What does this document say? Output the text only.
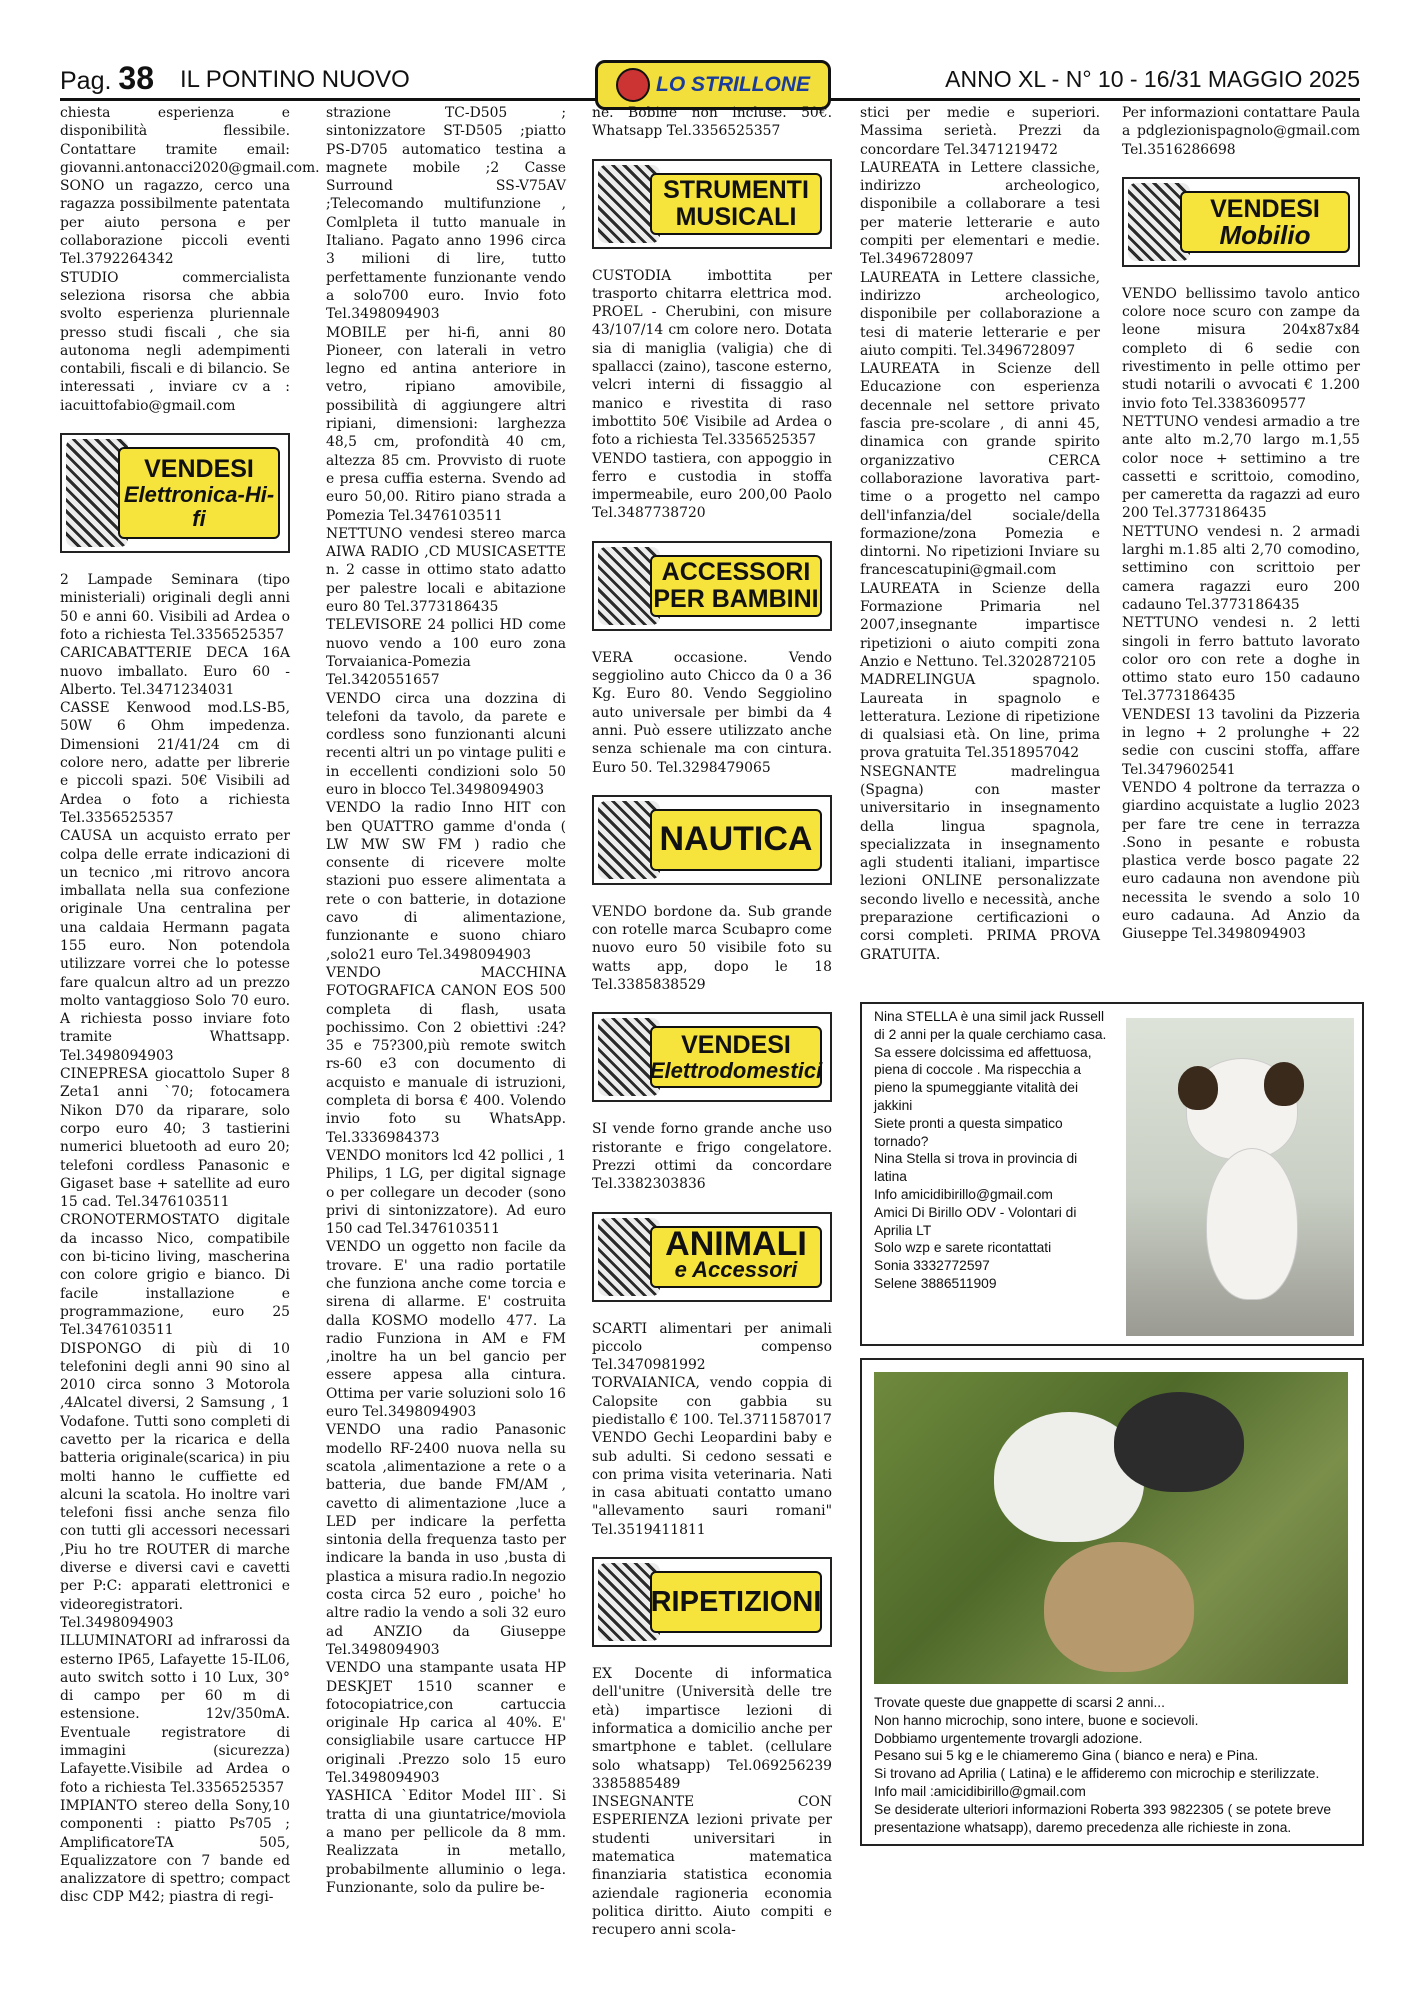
Pag. 38 IL PONTINO NUOVO	ANNO XL - N° 10 - 16/31 MAGGIO 2025
LO STRILLONE

chiesta esperienza e disponibilità flessibile. Contattare tramite email: giovanni.antonacci2020@gmail.com.

SONO un ragazzo, cerco una ragazza possibilmente patentata per aiuto persona e per collaborazione piccoli eventi Tel.3792264342

STUDIO commercialista seleziona risorsa che abbia svolto esperienza pluriennale presso studi fiscali , che sia autonoma negli adempimenti contabili, fiscali e di bilancio. Se interessati , inviare cv a : iacuittofabio@gmail.com

VENDESI
Elettronica-Hi-fi

2 Lampade Seminara (tipo ministeriali) originali degli anni 50 e anni 60. Visibili ad Ardea o foto a richiesta Tel.3356525357

CARICABATTERIE DECA 16A nuovo imballato. Euro 60 - Alberto. Tel.3471234031

CASSE Kenwood mod.LS-B5, 50W 6 Ohm impedenza. Dimensioni 21/41/24 cm di colore nero, adatte per librerie e piccoli spazi. 50€ Visibili ad Ardea o foto a richiesta Tel.3356525357

CAUSA un acquisto errato per colpa delle errate indicazioni di un tecnico ,mi ritrovo ancora imballata nella sua confezione originale Una centralina per una caldaia Hermann pagata 155 euro. Non potendola utilizzare vorrei che lo potesse fare qualcun altro ad un prezzo molto vantaggioso Solo 70 euro. A richiesta posso inviare foto tramite Whattsapp. Tel.3498094903

CINEPRESA giocattolo Super 8 Zeta1 anni `70; fotocamera Nikon D70 da riparare, solo corpo euro 40; 3 tastierini numerici bluetooth ad euro 20; telefoni cordless Panasonic e Gigaset base + satellite ad euro 15 cad. Tel.3476103511

CRONOTERMOSTATO digitale da incasso Nico, compatibile con bi-ticino living, mascherina con colore grigio e bianco. Di facile installazione e programmazione, euro 25 Tel.3476103511

DISPONGO di più di 10 telefonini degli anni 90 sino al 2010 circa sonno 3 Motorola ,4Alcatel diversi, 2 Samsung , 1 Vodafone. Tutti sono completi di cavetto per la ricarica e della batteria originale(scarica) in piu molti hanno le cuffiette ed alcuni la scatola. Ho inoltre vari telefoni fissi anche senza filo con tutti gli accessori necessari ,Piu ho tre ROUTER di marche diverse e diversi cavi e cavetti per P:C: apparati elettronici e videoregistratori. Tel.3498094903

ILLUMINATORI ad infrarossi da esterno IP65, Lafayette 15-IL06, auto switch sotto i 10 Lux, 30° di campo per 60 m di estensione. 12v/350mA. Eventuale registratore di immagini (sicurezza) Lafayette.Visibile ad Ardea o foto a richiesta Tel.3356525357

IMPIANTO stereo della Sony,10 componenti : piatto Ps705 ; AmplificatoreTA 505, Equalizzatore con 7 bande ed analizzatore di spettro; compact disc CDP M42; piastra di regi-

strazione TC-D505 ; sintonizzatore ST-D505 ;piatto PS-D705 automatico testina a magnete mobile ;2 Casse Surround SS-V75AV ;Telecomando multifunzione , Comlpleta il tutto manuale in Italiano. Pagato anno 1996 circa 3 milioni di lire, tutto perfettamente funzionante vendo a solo700 euro. Invio foto Tel.3498094903

MOBILE per hi-fi, anni 80 Pioneer, con laterali in vetro legno ed antina anteriore in vetro, ripiano amovibile, possibilità di aggiungere altri ripiani, dimensioni: larghezza 48,5 cm, profondità 40 cm, altezza 85 cm. Provvisto di ruote e presa cuffia esterna. Svendo ad euro 50,00. Ritiro piano strada a Pomezia Tel.3476103511

NETTUNO vendesi stereo marca AIWA RADIO ,CD MUSICASETTE n. 2 casse in ottimo stato adatto per palestre locali e abitazione euro 80 Tel.3773186435

TELEVISORE 24 pollici HD come nuovo vendo a 100 euro zona Torvaianica-Pomezia Tel.3420551657

VENDO circa una dozzina di telefoni da tavolo, da parete e cordless sono funzionanti alcuni recenti altri un po vintage puliti e in eccellenti condizioni solo 50 euro in blocco Tel.3498094903

VENDO la radio Inno HIT con ben QUATTRO gamme d'onda ( LW MW SW FM ) radio che consente di ricevere molte stazioni puo essere alimentata a rete o con batterie, in dotazione cavo di alimentazione, funzionante e suono chiaro ,solo21 euro Tel.3498094903

VENDO MACCHINA FOTOGRAFICA CANON EOS 500 completa di flash, usata pochissimo. Con 2 obiettivi :24?35 e 75?300,più remote switch rs-60 e3 con documento di acquisto e manuale di istruzioni, completa di borsa € 400. Volendo invio foto su WhatsApp. Tel.3336984373

VENDO monitors lcd 42 pollici , 1 Philips, 1 LG, per digital signage o per collegare un decoder (sono privi di sintonizzatore). Ad euro 150 cad Tel.3476103511

VENDO un oggetto non facile da trovare. E' una radio portatile che funziona anche come torcia e sirena di allarme. E' costruita dalla KOSMO modello 477. La radio Funziona in AM e FM ,inoltre ha un bel gancio per essere appesa alla cintura. Ottima per varie soluzioni solo 16 euro Tel.3498094903

VENDO una radio Panasonic modello RF-2400 nuova nella su scatola ,alimentazione a rete o a batteria, due bande FM/AM , cavetto di alimentazione ,luce a LED per indicare la perfetta sintonia della frequenza tasto per indicare la banda in uso ,busta di plastica a misura radio.In negozio costa circa 52 euro , poiche' ho altre radio la vendo a soli 32 euro ad ANZIO da Giuseppe Tel.3498094903

VENDO una stampante usata HP DESKJET 1510 scanner e fotocopiatrice,con cartuccia originale Hp carica al 40%. E' consigliabile usare cartucce HP originali .Prezzo solo 15 euro Tel.3498094903

YASHICA `Editor Model III`. Si tratta di una giuntatrice/moviola a mano per pellicole da 8 mm. Realizzata in metallo, probabilmente alluminio o lega. Funzionante, solo da pulire be-

ne. Bobine non incluse. 50€. Whatsapp Tel.3356525357

STRUMENTI
MUSICALI

CUSTODIA imbottita per trasporto chitarra elettrica mod. PROEL - Cherubini, con misure 43/107/14 cm colore nero. Dotata sia di maniglia (valigia) che di spallacci (zaino), tascone esterno, velcri interni di fissaggio al manico e rivestita di raso imbottito 50€ Visibile ad Ardea o foto a richiesta Tel.3356525357

VENDO tastiera, con appoggio in ferro e custodia in stoffa impermeabile, euro 200,00 Paolo Tel.3487738720

ACCESSORI
PER BAMBINI

VERA occasione. Vendo seggiolino auto Chicco da 0 a 36 Kg. Euro 80. Vendo Seggiolino auto universale per bimbi da 4 anni. Può essere utilizzato anche senza schienale ma con cintura. Euro 50. Tel.3298479065

NAUTICA

VENDO bordone da. Sub grande con rotelle marca Scubapro come nuovo euro 50 visibile foto su watts app, dopo le 18 Tel.3385838529

VENDESI
Elettrodomestici

SI vende forno grande anche uso ristorante e frigo congelatore. Prezzi ottimi da concordare Tel.3382303836

ANIMALI
e Accessori

SCARTI alimentari per animali piccolo compenso Tel.3470981992

TORVAIANICA, vendo coppia di Calopsite con gabbia su piedistallo € 100. Tel.3711587017

VENDO Gechi Leopardini baby e sub adulti. Si cedono sessati e con prima visita veterinaria. Nati in casa abituati contatto umano "allevamento sauri romani" Tel.3519411811

RIPETIZIONI

EX Docente di informatica dell'unitre (Università delle tre età) impartisce lezioni di informatica a domicilio anche per smartphone e tablet. (cellulare solo whatsapp) Tel.069256239 3385885489

INSEGNANTE CON ESPERIENZA lezioni private per studenti universitari in matematica matematica finanziaria statistica economia aziendale ragioneria economia politica diritto. Aiuto compiti e recupero anni scola-

stici per medie e superiori. Massima serietà. Prezzi da concordare Tel.3471219472

LAUREATA in Lettere classiche, indirizzo archeologico, disponibile a collaborare a tesi per materie letterarie e auto compiti per elementari e medie. Tel.3496728097

LAUREATA in Lettere classiche, indirizzo archeologico, disponibile per collaborazione a tesi di materie letterarie e per aiuto compiti. Tel.3496728097

LAUREATA in Scienze dell Educazione con esperienza decennale nel settore privato fascia pre-scolare , di anni 45, dinamica con grande spirito organizzativo CERCA collaborazione lavorativa part-time o a progetto nel campo dell'infanzia/del sociale/della formazione/zona Pomezia e dintorni. No ripetizioni Inviare su francescatupini@gmail.com

LAUREATA in Scienze della Formazione Primaria nel 2007,insegnante impartisce ripetizioni o aiuto compiti zona Anzio e Nettuno. Tel.3202872105

MADRELINGUA spagnolo. Laureata in spagnolo e letteratura. Lezione di ripetizione di qualsiasi età. On line, prima prova gratuita Tel.3518957042

NSEGNANTE madrelingua (Spagna) con master universitario in insegnamento della lingua spagnola, specializzata in insegnamento agli studenti italiani, impartisce lezioni ONLINE personalizzate secondo livello e necessità, anche preparazione certificazioni o corsi completi. PRIMA PROVA GRATUITA.

Per informazioni contattare Paula a pdglezionispagnolo@gmail.com Tel.3516286698

VENDESI
Mobilio

VENDO bellissimo tavolo antico colore noce scuro con zampe da leone misura 204x87x84 completo di 6 sedie con rivestimento in pelle ottimo per studi notarili o avvocati € 1.200 invio foto Tel.3383609577

NETTUNO vendesi armadio a tre ante alto m.2,70 largo m.1,55 color noce + settimino a tre cassetti e scrittoio, comodino, per cameretta da ragazzi ad euro 200 Tel.3773186435

NETTUNO vendesi n. 2 armadi larghi m.1.85 alti 2,70 comodino, settimino con scrittoio per camera ragazzi euro 200 cadauno Tel.3773186435

NETTUNO vendesi n. 2 letti singoli in ferro battuto lavorato color oro con rete a doghe in ottimo stato euro 150 cadauno Tel.3773186435

VENDESI 13 tavolini da Pizzeria in legno + 2 prolunghe + 22 sedie con cuscini stoffa, affare Tel.3479602541

VENDO 4 poltrone da terrazza o giardino acquistate a luglio 2023 per fare tre cene in terrazza .Sono in pesante e robusta plastica verde bosco pagate 22 euro cadauna non avendone più necessita le svendo a solo 10 euro cadauna. Ad Anzio da Giuseppe Tel.3498094903

Nina STELLA è una simil jack Russell di 2 anni per la quale cerchiamo casa. Sa essere dolcissima ed affettuosa, piena di coccole . Ma rispecchia a pieno la spumeggiante vitalità dei jakkini

Siete pronti a questa simpatico tornado?

Nina Stella si trova in provincia di latina

Info amicidibirillo@gmail.com

Amici Di Birillo ODV - Volontari di Aprilia LT

Solo wzp e sarete ricontattati

Sonia 3332772597

Selene 3886511909

Trovate queste due gnappette di scarsi 2 anni...

Non hanno microchip, sono intere, buone e socievoli.

Dobbiamo urgentemente trovargli adozione.

Pesano sui 5 kg e le chiameremo Gina ( bianco e nera) e Pina.

Si trovano ad Aprilia ( Latina) e le affideremo con microchip e sterilizzate.

Info mail :amicidibirillo@gmail.com

Se desiderate ulteriori informazioni Roberta 393 9822305 ( se potete breve presentazione whatsapp), daremo precedenza alle richieste in zona.
